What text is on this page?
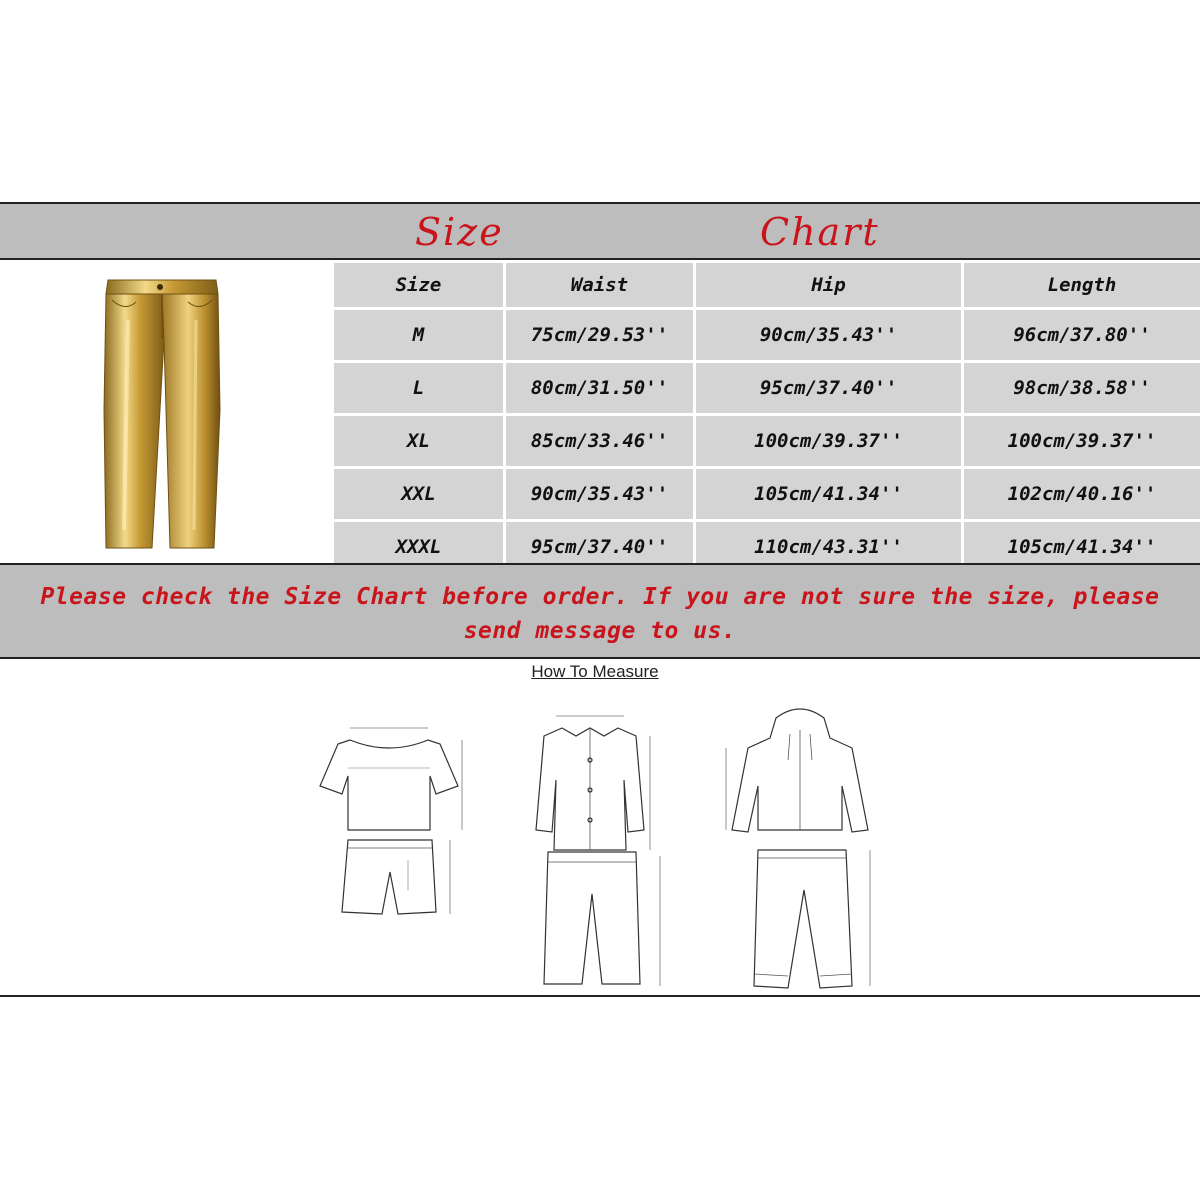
Size	Chart
Size	Waist	Hip	Length
M	75cm/29.53''	90cm/35.43''	96cm/37.80''
L	80cm/31.50''	95cm/37.40''	98cm/38.58''
XL	85cm/33.46''	100cm/39.37''	100cm/39.37''
XXL	90cm/35.43''	105cm/41.34''	102cm/40.16''
XXXL	95cm/37.40''	110cm/43.31''	105cm/41.34''
Please check the Size Chart before order. If you are not sure the size, please
send message to us.
How To Measure
